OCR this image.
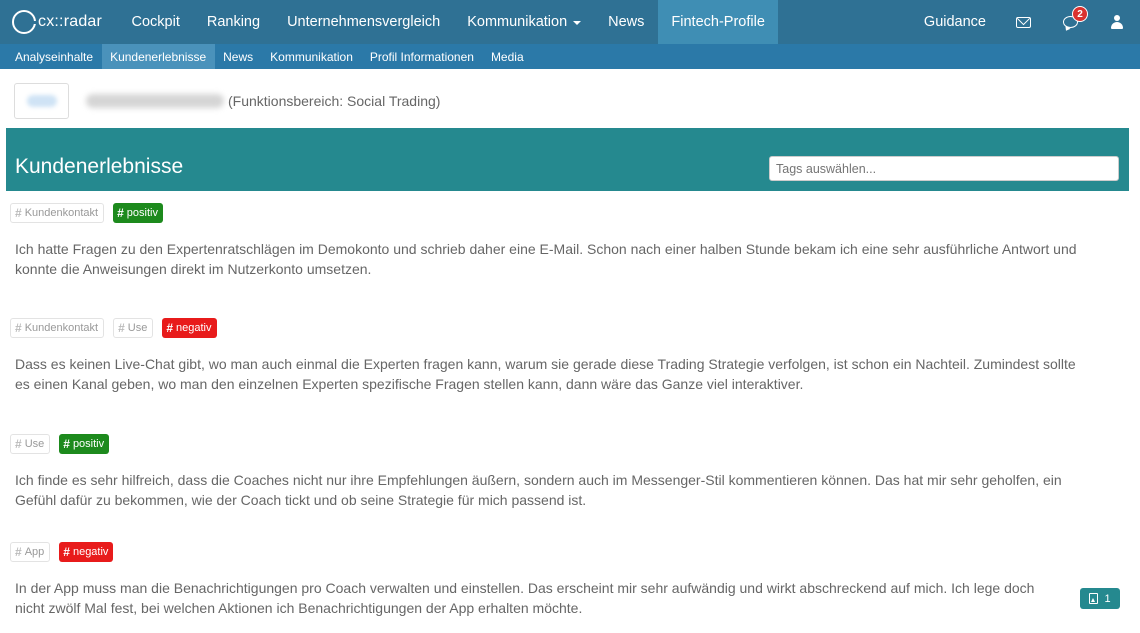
cx::radar	Cockpit	Ranking	Unternehmensvergleich	Kommunikation	News	Fintech-Profile	Guidance	2
Analyseinhalte	Kundenerlebnisse	News	Kommunikation	Profil Informationen	Media
(Funktionsbereich: Social Trading)
Kundenerlebnisse
Tags auswählen...
# Kundenkontakt # positiv

Ich hatte Fragen zu den Expertenratschlägen im Demokonto und schrieb daher eine E-Mail. Schon nach einer halben Stunde bekam ich eine sehr ausführliche Antwort und konnte die Anweisungen direkt im Nutzerkonto umsetzen.

# Kundenkontakt # Use # negativ

Dass es keinen Live-Chat gibt, wo man auch einmal die Experten fragen kann, warum sie gerade diese Trading Strategie verfolgen, ist schon ein Nachteil. Zumindest sollte es einen Kanal geben, wo man den einzelnen Experten spezifische Fragen stellen kann, dann wäre das Ganze viel interaktiver.

# Use # positiv

Ich finde es sehr hilfreich, dass die Coaches nicht nur ihre Empfehlungen äußern, sondern auch im Messenger-Stil kommentieren können. Das hat mir sehr geholfen, ein Gefühl dafür zu bekommen, wie der Coach tickt und ob seine Strategie für mich passend ist.

# App # negativ

In der App muss man die Benachrichtigungen pro Coach verwalten und einstellen. Das erscheint mir sehr aufwändig und wirkt abschreckend auf mich. Ich lege doch nicht zwölf Mal fest, bei welchen Aktionen ich Benachrichtigungen der App erhalten möchte.

1
